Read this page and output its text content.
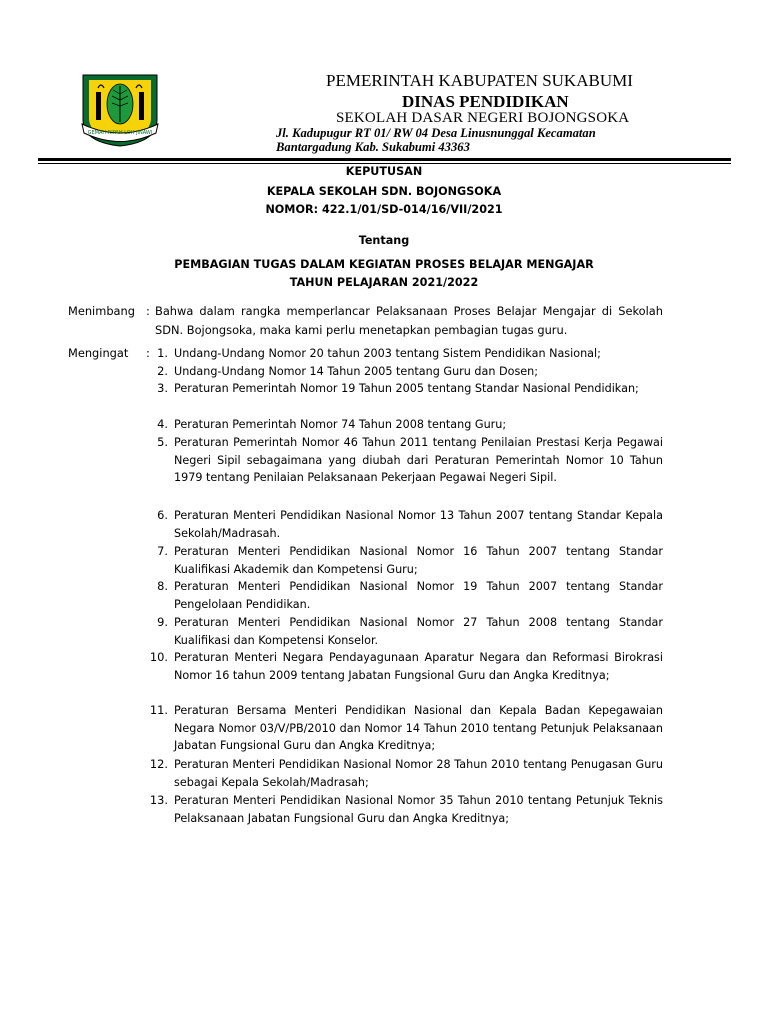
GEMAH RIPAH LOH JINAWI
PEMERINTAH KABUPATEN SUKABUMI
DINAS PENDIDIKAN
SEKOLAH DASAR NEGERI BOJONGSOKA
Jl. Kadupugur RT 01/ RW 04 Desa Linusnunggal Kecamatan
Bantargadung Kab. Sukabumi 43363
KEPUTUSAN
KEPALA SEKOLAH SDN. BOJONGSOKA
NOMOR: 422.1/01/SD-014/16/VII/2021
Tentang
PEMBAGIAN TUGAS DALAM KEGIATAN PROSES BELAJAR MENGAJAR
TAHUN PELAJARAN 2021/2022
Menimbang : Bahwa dalam rangka memperlancar Pelaksanaan Proses Belajar Mengajar di Sekolah SDN. Bojongsoka, maka kami perlu menetapkan pembagian tugas guru.
Mengingat : 1. Undang-Undang Nomor 20 tahun 2003 tentang Sistem Pendidikan Nasional;
2. Undang-Undang Nomor 14 Tahun 2005 tentang Guru dan Dosen;
3. Peraturan Pemerintah Nomor 19 Tahun 2005 tentang Standar Nasional Pendidikan;
4. Peraturan Pemerintah Nomor 74 Tahun 2008 tentang Guru;
5. Peraturan Pemerintah Nomor 46 Tahun 2011 tentang Penilaian Prestasi Kerja Pegawai Negeri Sipil sebagaimana yang diubah dari Peraturan Pemerintah Nomor 10 Tahun 1979 tentang Penilaian Pelaksanaan Pekerjaan Pegawai Negeri Sipil.
6. Peraturan Menteri Pendidikan Nasional Nomor 13 Tahun 2007 tentang Standar Kepala Sekolah/Madrasah.
7. Peraturan Menteri Pendidikan Nasional Nomor 16 Tahun 2007 tentang Standar Kualifikasi Akademik dan Kompetensi Guru;
8. Peraturan Menteri Pendidikan Nasional Nomor 19 Tahun 2007 tentang Standar Pengelolaan Pendidikan.
9. Peraturan Menteri Pendidikan Nasional Nomor 27 Tahun 2008 tentang Standar Kualifikasi dan Kompetensi Konselor.
10. Peraturan Menteri Negara Pendayagunaan Aparatur Negara dan Reformasi Birokrasi Nomor 16 tahun 2009 tentang Jabatan Fungsional Guru dan Angka Kreditnya;
11. Peraturan Bersama Menteri Pendidikan Nasional dan Kepala Badan Kepegawaian Negara Nomor 03/V/PB/2010 dan Nomor 14 Tahun 2010 tentang Petunjuk Pelaksanaan Jabatan Fungsional Guru dan Angka Kreditnya;
12. Peraturan Menteri Pendidikan Nasional Nomor 28 Tahun 2010 tentang Penugasan Guru sebagai Kepala Sekolah/Madrasah;
13. Peraturan Menteri Pendidikan Nasional Nomor 35 Tahun 2010 tentang Petunjuk Teknis Pelaksanaan Jabatan Fungsional Guru dan Angka Kreditnya;
